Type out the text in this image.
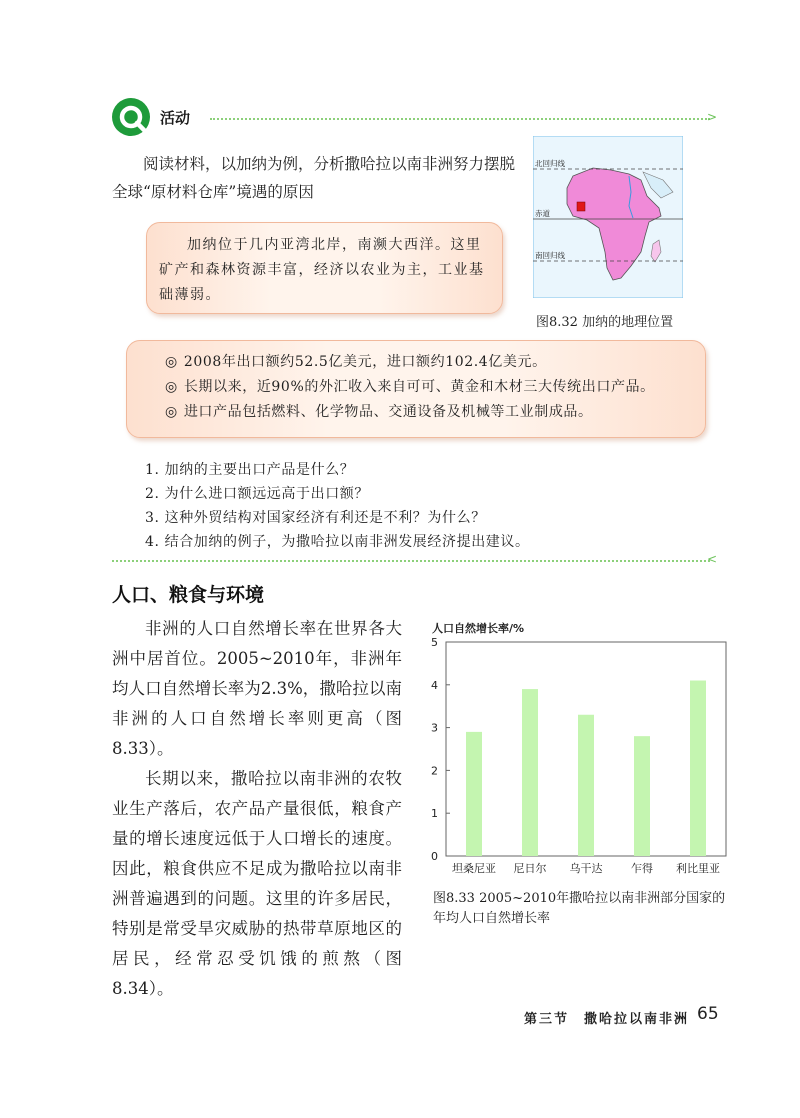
活动	>

阅读材料，以加纳为例，分析撒哈拉以南非洲努力摆脱全球“原材料仓库”境遇的原因

加纳位于几内亚湾北岸，南濒大西洋。这里矿产和森林资源丰富，经济以农业为主，工业基础薄弱。

北回归线
赤道
南回归线
图8.32 加纳的地理位置
◎ 2008年出口额约52.5亿美元，进口额约102.4亿美元。
◎ 长期以来，近90%的外汇收入来自可可、黄金和木材三大传统出口产品。
◎ 进口产品包括燃料、化学物品、交通设备及机械等工业制成品。
1. 加纳的主要出口产品是什么？
2. 为什么进口额远远高于出口额？
3. 这种外贸结构对国家经济有利还是不利？为什么？
4. 结合加纳的例子，为撒哈拉以南非洲发展经济提出建议。
<
人口、粮食与环境

非洲的人口自然增长率在世界各大洲中居首位。2005~2010年，非洲年均人口自然增长率为2.3%，撒哈拉以南非洲的人口自然增长率则更高（图8.33）。

长期以来，撒哈拉以南非洲的农牧业生产落后，农产品产量很低，粮食产量的增长速度远低于人口增长的速度。因此，粮食供应不足成为撒哈拉以南非洲普遍遇到的问题。这里的许多居民，特别是常受旱灾威胁的热带草原地区的居民，经常忍受饥饿的煎熬（图8.34）。

人口自然增长率/%
0
1
2
3
4
5
坦桑尼亚 尼日尔 乌干达	乍得 利比里亚

图8.33 2005~2010年撒哈拉以南非洲部分国家的年均人口自然增长率

第三节　撒哈拉以南非洲 65
